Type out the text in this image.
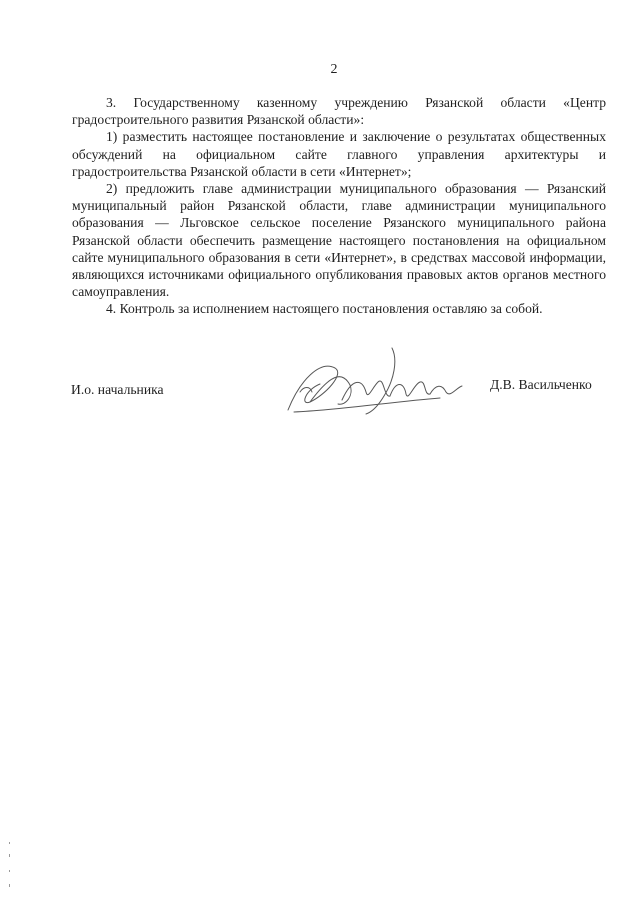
2

3. Государственному казенному учреждению Рязанской области «Центр градостроительного развития Рязанской области»:

1) разместить настоящее постановление и заключение о результатах общественных обсуждений на официальном сайте главного управления архитектуры и градостроительства Рязанской области в сети «Интернет»;

2) предложить главе администрации муниципального образования — Рязанский муниципальный район Рязанской области, главе администрации муниципального образования — Льговское сельское поселение Рязанского муниципального района Рязанской области обеспечить размещение настоящего постановления на официальном сайте муниципального образования в сети «Интернет», в средствах массовой информации, являющихся источниками официального опубликования правовых актов органов местного самоуправления.

4. Контроль за исполнением настоящего постановления оставляю за собой.

И.о. начальника	Д.В. Васильченко
